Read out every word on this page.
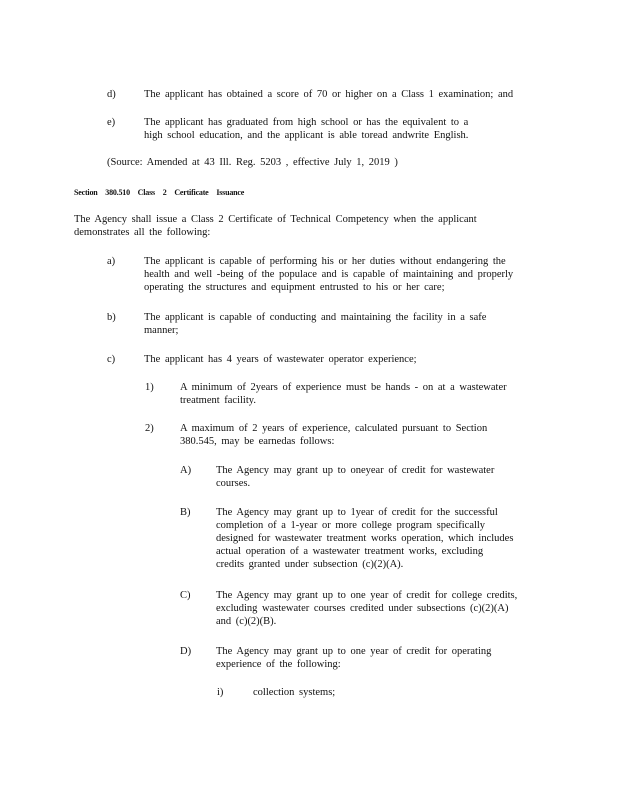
d)	The applicant has obtained a score of 70 or higher on a Class 1 examination; and
e)	The applicant has graduated from high school or has the equivalent to a
high school education, and the applicant is able toread andwrite English.
(Source: Amended at 43 Ill. Reg. 5203 , effective July 1, 2019 )
Section 380.510 Class 2 Certificate Issuance
The Agency shall issue a Class 2 Certificate of Technical Competency when the applicant
demonstrates all the following:
a)	The applicant is capable of performing his or her duties without endangering the
health and well -being of the populace and is capable of maintaining and properly
operating the structures and equipment entrusted to his or her care;
b)	The applicant is capable of conducting and maintaining the facility in a safe
manner;
c)	The applicant has 4 years of wastewater operator experience;
1)	A minimum of 2years of experience must be hands - on at a wastewater
treatment facility.
2)	A maximum of 2 years of experience, calculated pursuant to Section
380.545, may be earnedas follows:
A) The Agency may grant up to oneyear of credit for wastewater
courses.
B) The Agency may grant up to 1year of credit for the successful
completion of a 1-year or more college program specifically
designed for wastewater treatment works operation, which includes
actual operation of a wastewater treatment works, excluding
credits granted under subsection (c)(2)(A).
C) The Agency may grant up to one year of credit for college credits,
excluding wastewater courses credited under subsections (c)(2)(A)
and (c)(2)(B).
D) The Agency may grant up to one year of credit for operating
experience of the following:
i)	collection systems;
